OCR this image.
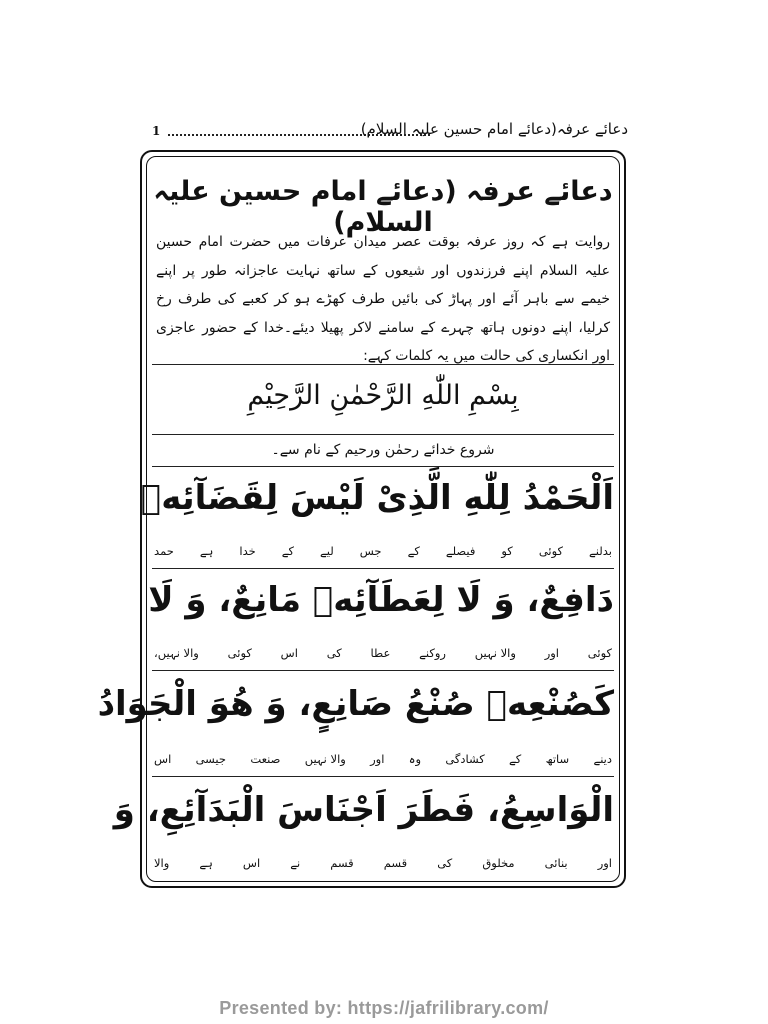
1	دعائے عرفہ(دعائے امام حسین علیہ السلام)
دعائے عرفہ (دعائے امام حسین علیہ السلام)
روایت ہے کہ روز عرفہ بوقت عصر میدان عرفات میں حضرت امام حسین علیہ السلام اپنے فرزندوں اور شیعوں کے ساتھ نہایت عاجزانہ طور پر اپنے خیمے سے باہر آئے اور پہاڑ کی بائیں طرف کھڑے ہو کر کعبے کی طرف رخ کرلیا، اپنے دونوں ہاتھ چہرے کے سامنے لاکر پھیلا دیئے۔خدا کے حضور عاجزی اور انکساری کی حالت میں یہ کلمات کہے:
بِسْمِ اللّٰهِ الرَّحْمٰنِ الرَّحِيْمِ
شروع خدائے رحمٰن ورحیم کے نام سے۔
اَلْحَمْدُ لِلّٰهِ الَّذِىْ لَيْسَ لِقَضَآئِهٖ
حمد ہے خدا کے لیے جس کے فیصلے کو کوئی بدلنے
دَافِعٌ، وَ لَا لِعَطَآئِهٖ مَانِعٌ، وَ لَا
والا نہیں،	کوئی	اس	کی	عطا	روکنے	والا نہیں	اور	کوئی
كَصُنْعِهٖ صُنْعُ صَانِعٍ، وَ هُوَ الْجَوَادُ
اس جیسی صنعت والا نہیں اور وہ کشادگی کے ساتھ دینے
الْوَاسِعُ، فَطَرَ اَجْنَاسَ الْبَدَآئِعِ، وَ
والا	ہے	اس	نے	قسم	قسم	کی	مخلوق	بنائی	اور
Presented by: https://jafrilibrary.com/
